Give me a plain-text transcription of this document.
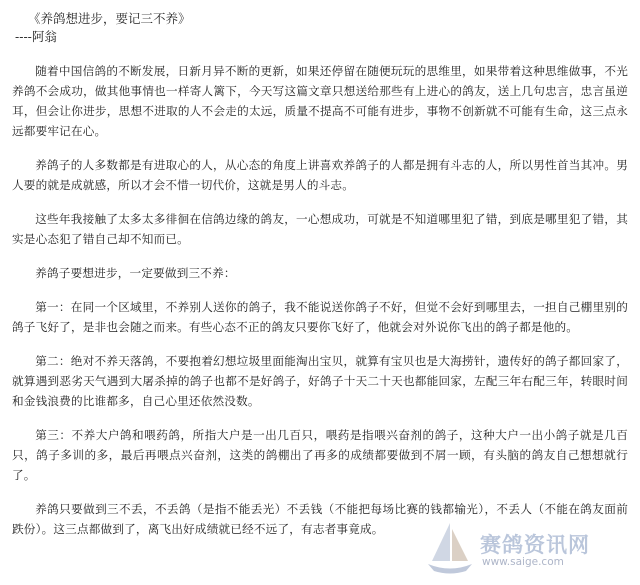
《养鸽想进步，要记三不养》
----阿翁

随着中国信鸽的不断发展，日新月异不断的更新，如果还停留在随便玩玩的思维里，如果带着这种思维做事，不光养鸽不会成功，做其他事情也一样寄人篱下，今天写这篇文章只想送给那些有上进心的鸽友，送上几句忠言，忠言虽逆耳，但会让你进步，思想不进取的人不会走的太远，质量不提高不可能有进步，事物不创新就不可能有生命，这三点永远都要牢记在心。

养鸽子的人多数都是有进取心的人，从心态的角度上讲喜欢养鸽子的人都是拥有斗志的人，所以男性首当其冲。男人要的就是成就感，所以才会不惜一切代价，这就是男人的斗志。

这些年我接触了太多太多徘徊在信鸽边缘的鸽友，一心想成功，可就是不知道哪里犯了错，到底是哪里犯了错，其实是心态犯了错自己却不知而已。

养鸽子要想进步，一定要做到三不养：

第一：在同一个区域里，不养别人送你的鸽子，我不能说送你鸽子不好，但觉不会好到哪里去，一担自己棚里别的鸽子飞好了，是非也会随之而来。有些心态不正的鸽友只要你飞好了，他就会对外说你飞出的鸽子都是他的。

第二：绝对不养天落鸽，不要抱着幻想垃圾里面能淘出宝贝，就算有宝贝也是大海捞针，遗传好的鸽子都回家了，就算遇到恶劣天气遇到大屠杀掉的鸽子也都不是好鸽子，好鸽子十天二十天也都能回家，左配三年右配三年，转眼时间和金钱浪费的比谁都多，自己心里还依然没数。

第三：不养大户鸽和喂药鸽，所指大户是一出几百只，喂药是指喂兴奋剂的鸽子，这种大户一出小鸽子就是几百只，鸽子多训的多，最后再喂点兴奋剂，这类的鸽棚出了再多的成绩都要做到不屑一顾，有头脑的鸽友自己想想就行了。

养鸽只要做到三不丢，不丢鸽（是指不能丢光）不丢钱（不能把每场比赛的钱都输光），不丢人（不能在鸽友面前跌份）。这三点都做到了，离飞出好成绩就已经不远了，有志者事竟成。

赛鸽资讯网
www.saige.com
